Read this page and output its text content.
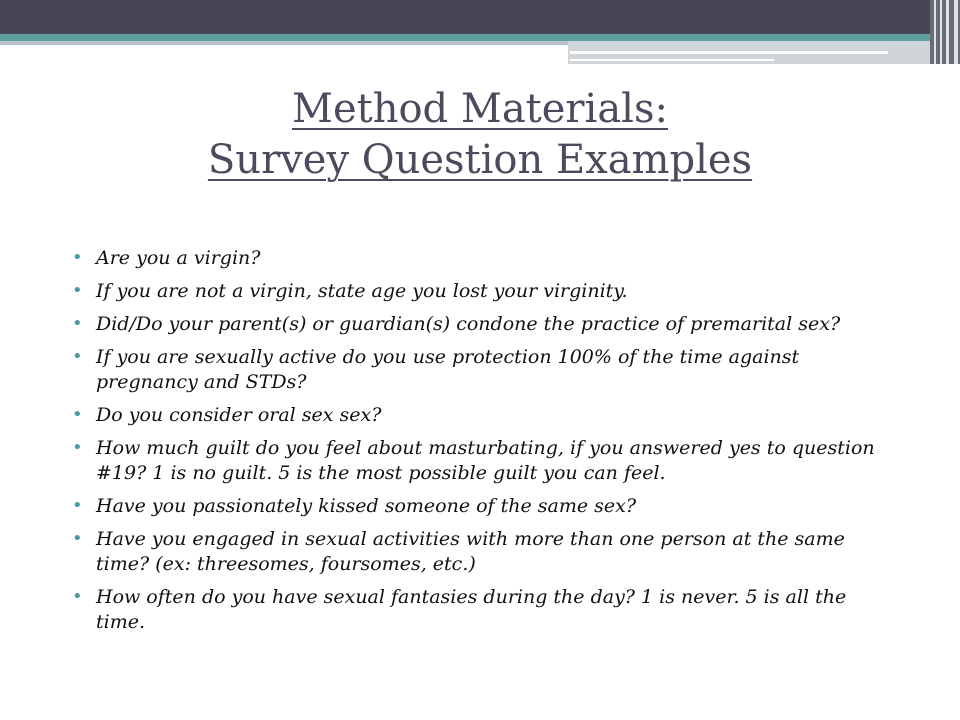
Method Materials:
Survey Question Examples
• Are you a virgin?
• If you are not a virgin, state age you lost your virginity.
• Did/Do your parent(s) or guardian(s) condone the practice of premarital sex?
• If you are sexually active do you use protection 100% of the time against pregnancy and STDs?
• Do you consider oral sex sex?
• How much guilt do you feel about masturbating, if you answered yes to question #19? 1 is no guilt. 5 is the most possible guilt you can feel.
• Have you passionately kissed someone of the same sex?
• Have you engaged in sexual activities with more than one person at the same time? (ex: threesomes, foursomes, etc.)
• How often do you have sexual fantasies during the day? 1 is never. 5 is all the time.
